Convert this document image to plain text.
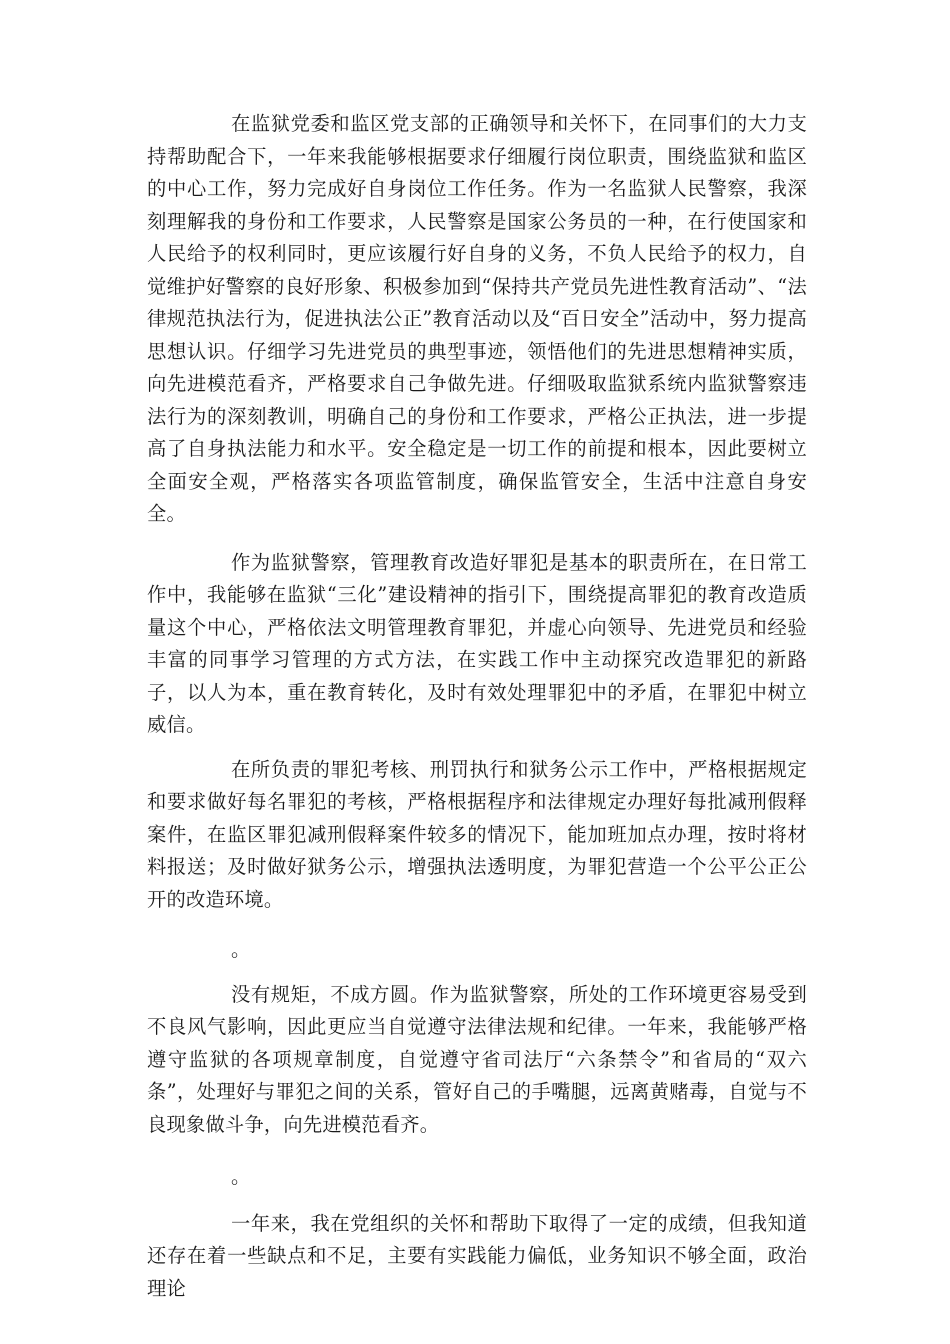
在监狱党委和监区党支部的正确领导和关怀下，在同事们的大力支持帮助配合下，一年来我能够根据要求仔细履行岗位职责，围绕监狱和监区的中心工作，努力完成好自身岗位工作任务。作为一名监狱人民警察，我深刻理解我的身份和工作要求，人民警察是国家公务员的一种，在行使国家和人民给予的权利同时，更应该履行好自身的义务，不负人民给予的权力，自觉维护好警察的良好形象、积极参加到“保持共产党员先进性教育活动”、“法律规范执法行为，促进执法公正”教育活动以及“百日安全”活动中，努力提高思想认识。仔细学习先进党员的典型事迹，领悟他们的先进思想精神实质，向先进模范看齐，严格要求自己争做先进。仔细吸取监狱系统内监狱警察违法行为的深刻教训，明确自己的身份和工作要求，严格公正执法，进一步提高了自身执法能力和水平。安全稳定是一切工作的前提和根本，因此要树立全面安全观，严格落实各项监管制度，确保监管安全，生活中注意自身安全。

作为监狱警察，管理教育改造好罪犯是基本的职责所在，在日常工作中，我能够在监狱“三化”建设精神的指引下，围绕提高罪犯的教育改造质量这个中心，严格依法文明管理教育罪犯，并虚心向领导、先进党员和经验丰富的同事学习管理的方式方法，在实践工作中主动探究改造罪犯的新路子，以人为本，重在教育转化，及时有效处理罪犯中的矛盾，在罪犯中树立威信。

在所负责的罪犯考核、刑罚执行和狱务公示工作中，严格根据规定和要求做好每名罪犯的考核，严格根据程序和法律规定办理好每批减刑假释案件，在监区罪犯减刑假释案件较多的情况下，能加班加点办理，按时将材料报送；及时做好狱务公示，增强执法透明度，为罪犯营造一个公平公正公开的改造环境。

。

没有规矩，不成方圆。作为监狱警察，所处的工作环境更容易受到不良风气影响，因此更应当自觉遵守法律法规和纪律。一年来，我能够严格遵守监狱的各项规章制度，自觉遵守省司法厅“六条禁令”和省局的“双六条”，处理好与罪犯之间的关系，管好自己的手嘴腿，远离黄赌毒，自觉与不良现象做斗争，向先进模范看齐。

。

一年来，我在党组织的关怀和帮助下取得了一定的成绩，但我知道还存在着一些缺点和不足，主要有实践能力偏低，业务知识不够全面，政治理论
